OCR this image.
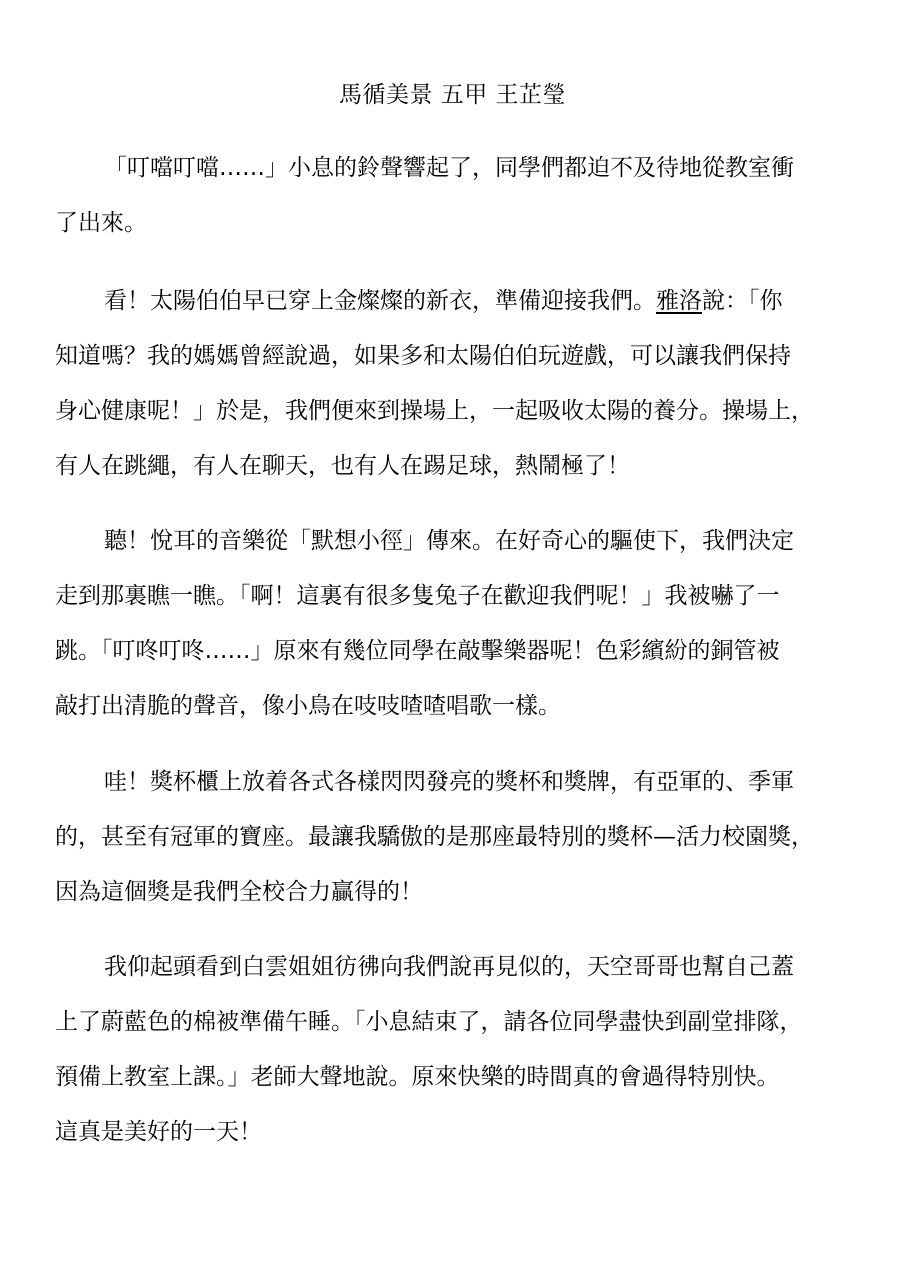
馬循美景 五甲 王芷瑩
「叮噹叮噹……」小息的鈴聲響起了，同學們都迫不及待地從教室衝
了出來。
看！太陽伯伯早已穿上金燦燦的新衣，準備迎接我們。雅洛說：「你
知道嗎？我的媽媽曾經說過，如果多和太陽伯伯玩遊戲，可以讓我們保持
身心健康呢！」於是，我們便來到操場上，一起吸收太陽的養分。操場上，
有人在跳繩，有人在聊天，也有人在踢足球，熱鬧極了！
聽！悅耳的音樂從「默想小徑」傳來。在好奇心的驅使下，我們決定
走到那裏瞧一瞧。「啊！這裏有很多隻兔子在歡迎我們呢！」我被嚇了一
跳。「叮咚叮咚……」原來有幾位同學在敲擊樂器呢！色彩繽紛的銅管被
敲打出清脆的聲音，像小鳥在吱吱喳喳唱歌一樣。
哇！獎杯櫃上放着各式各樣閃閃發亮的獎杯和獎牌，有亞軍的、季軍
的，甚至有冠軍的寶座。最讓我驕傲的是那座最特別的獎杯—活力校園獎，
因為這個獎是我們全校合力贏得的！
我仰起頭看到白雲姐姐彷彿向我們說再見似的，天空哥哥也幫自己蓋
上了蔚藍色的棉被準備午睡。「小息結束了，請各位同學盡快到副堂排隊，
預備上教室上課。」老師大聲地說。原來快樂的時間真的會過得特別快。
這真是美好的一天！
